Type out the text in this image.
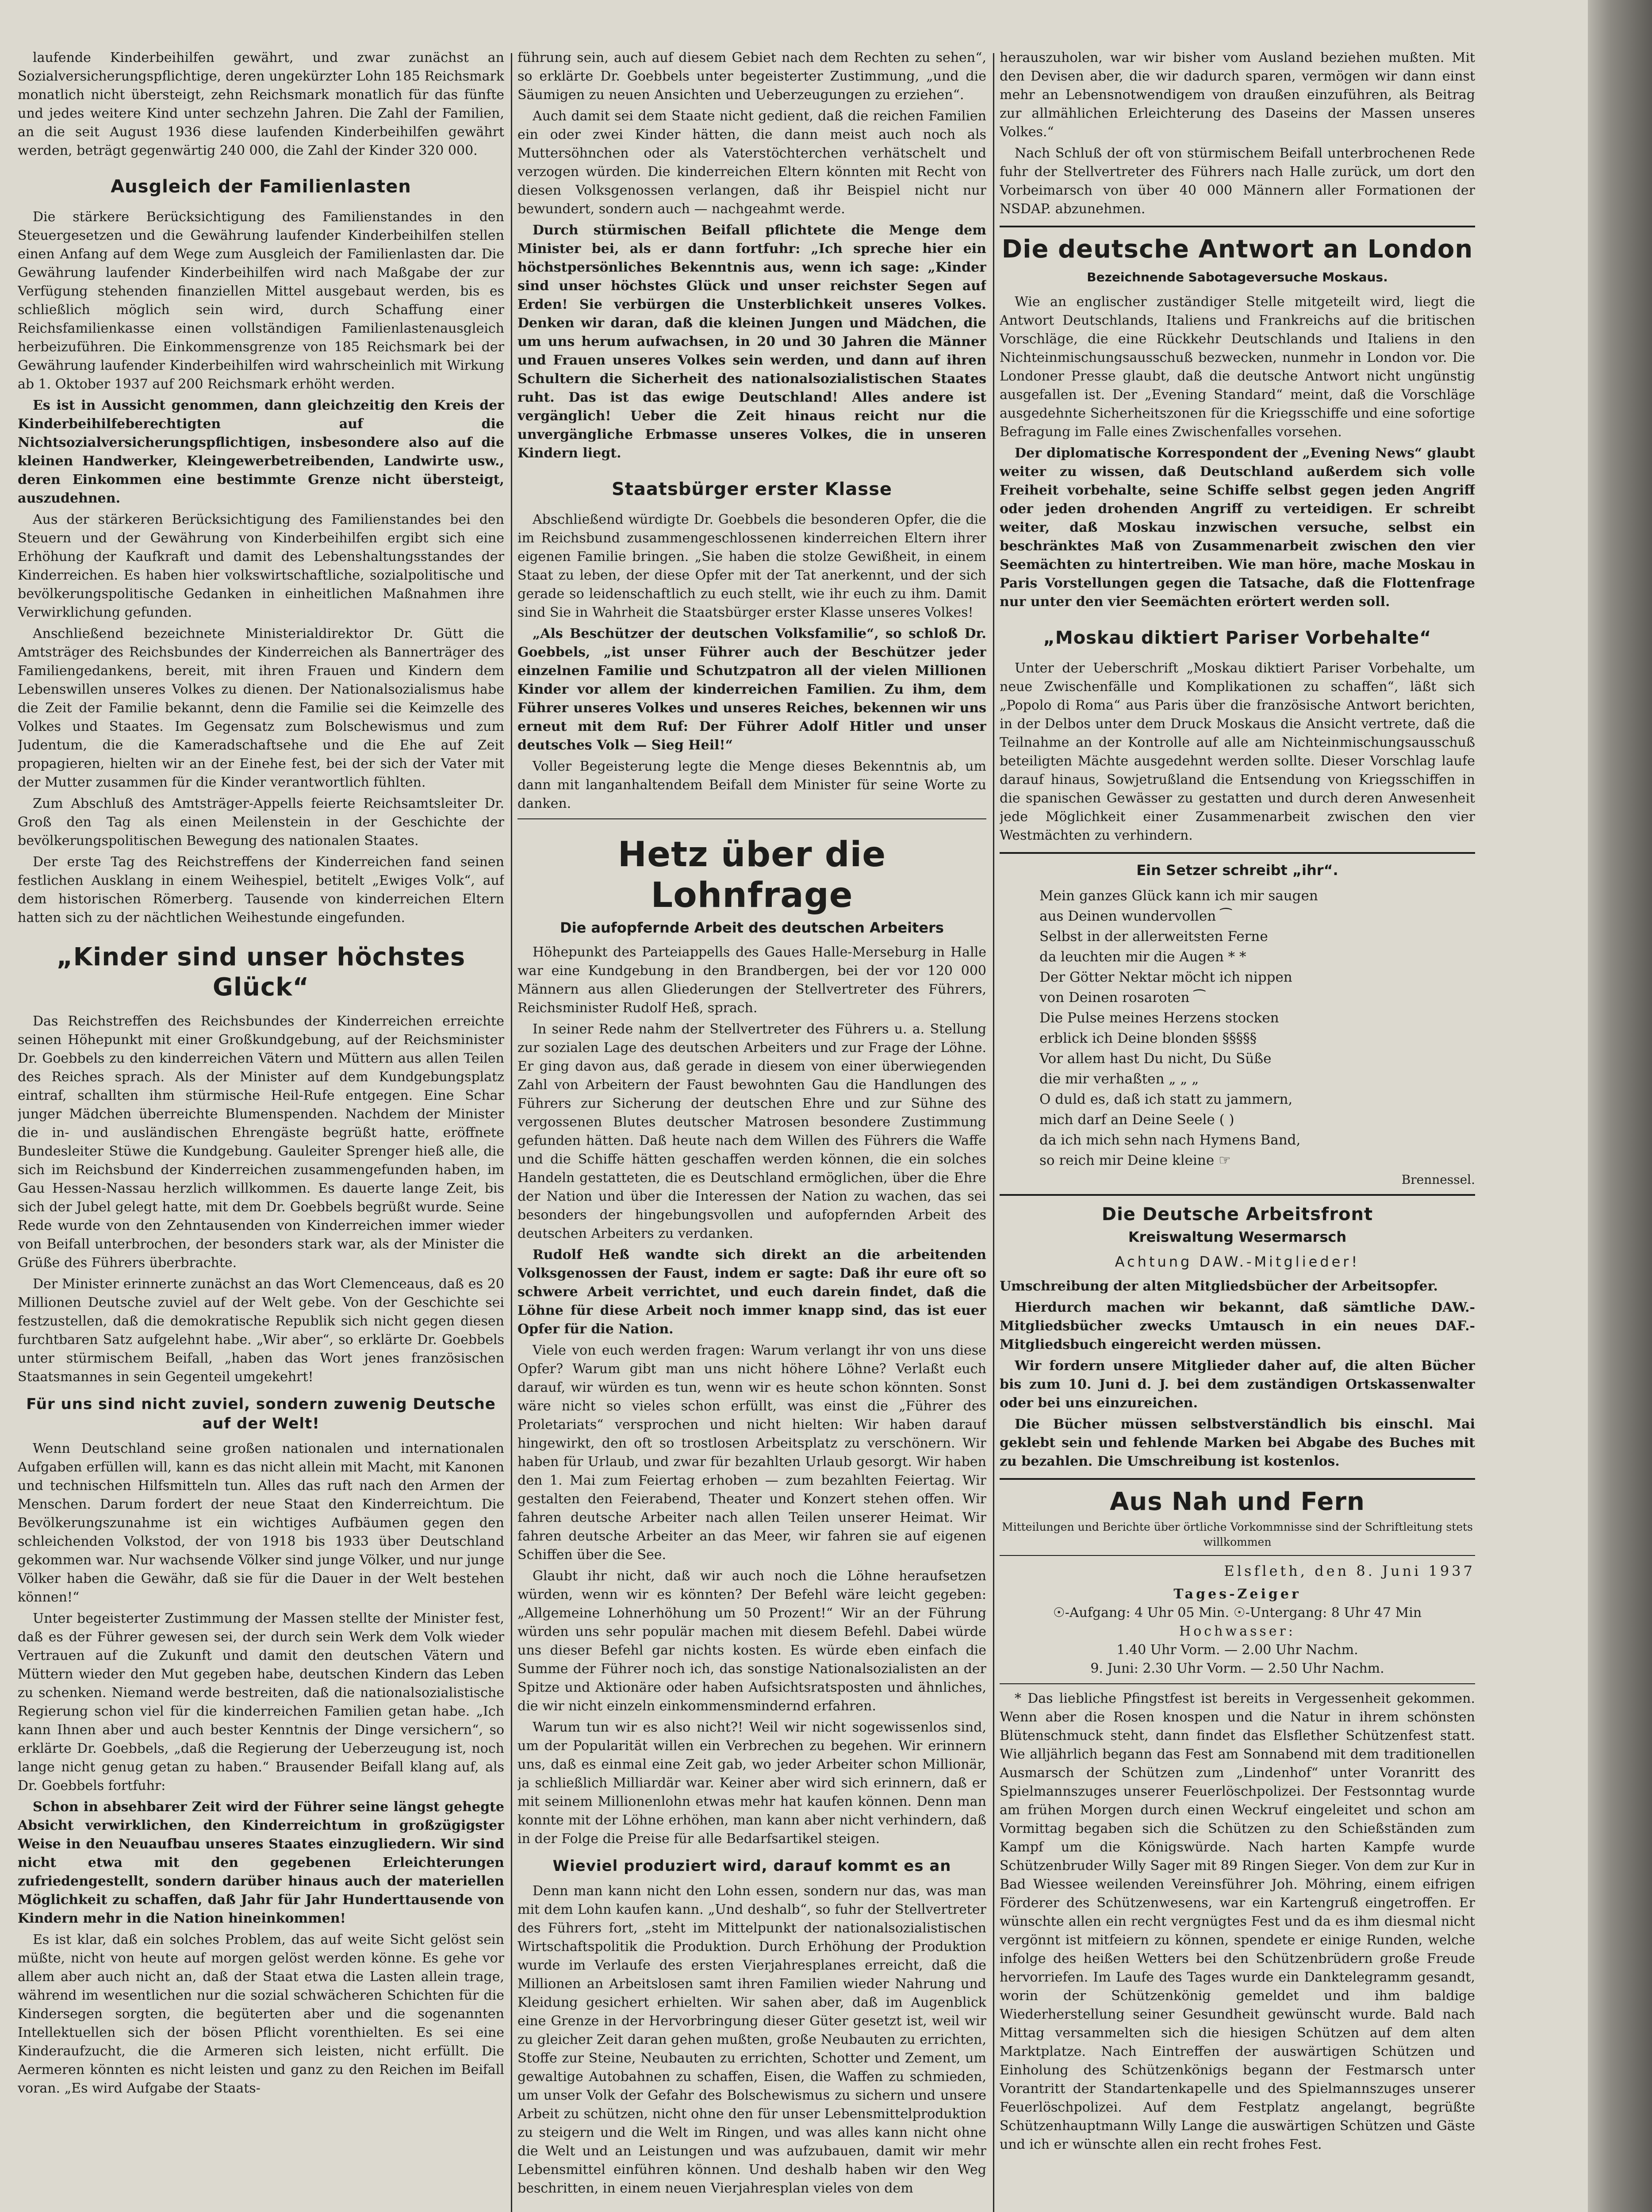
laufende Kinderbeihilfen gewährt, und zwar zunächst an Sozialversicherungspflichtige, deren ungekürzter Lohn 185 Reichsmark monatlich nicht übersteigt, zehn Reichsmark monatlich für das fünfte und jedes weitere Kind unter sechzehn Jahren. Die Zahl der Familien, an die seit August 1936 diese laufenden Kinderbeihilfen gewährt werden, beträgt gegenwärtig 240 000, die Zahl der Kinder 320 000.

Ausgleich der Familienlasten

Die stärkere Berücksichtigung des Familienstandes in den Steuergesetzen und die Gewährung laufender Kinderbeihilfen stellen einen Anfang auf dem Wege zum Ausgleich der Familienlasten dar. Die Gewährung laufender Kinderbeihilfen wird nach Maßgabe der zur Verfügung stehenden finanziellen Mittel ausgebaut werden, bis es schließlich möglich sein wird, durch Schaffung einer Reichsfamilienkasse einen vollständigen Familienlastenausgleich herbeizuführen. Die Einkommensgrenze von 185 Reichsmark bei der Gewährung laufender Kinderbeihilfen wird wahrscheinlich mit Wirkung ab 1. Oktober 1937 auf 200 Reichsmark erhöht werden.

Es ist in Aussicht genommen, dann gleichzeitig den Kreis der Kinderbeihilfeberechtigten auf die Nichtsozialversicherungspflichtigen, insbesondere also auf die kleinen Handwerker, Kleingewerbetreibenden, Landwirte usw., deren Einkommen eine bestimmte Grenze nicht übersteigt, auszudehnen.

Aus der stärkeren Berücksichtigung des Familienstandes bei den Steuern und der Gewährung von Kinderbeihilfen ergibt sich eine Erhöhung der Kaufkraft und damit des Lebenshaltungsstandes der Kinderreichen. Es haben hier volkswirtschaftliche, sozialpolitische und bevölkerungspolitische Gedanken in einheitlichen Maßnahmen ihre Verwirklichung gefunden.

Anschließend bezeichnete Ministerialdirektor Dr. Gütt die Amtsträger des Reichsbundes der Kinderreichen als Bannerträger des Familiengedankens, bereit, mit ihren Frauen und Kindern dem Lebenswillen unseres Volkes zu dienen. Der Nationalsozialismus habe die Zeit der Familie bekannt, denn die Familie sei die Keimzelle des Volkes und Staates. Im Gegensatz zum Bolschewismus und zum Judentum, die die Kameradschaftsehe und die Ehe auf Zeit propagieren, hielten wir an der Einehe fest, bei der sich der Vater mit der Mutter zusammen für die Kinder verantwortlich fühlten.

Zum Abschluß des Amtsträger-Appells feierte Reichsamtsleiter Dr. Groß den Tag als einen Meilenstein in der Geschichte der bevölkerungspolitischen Bewegung des nationalen Staates.

Der erste Tag des Reichstreffens der Kinderreichen fand seinen festlichen Ausklang in einem Weihespiel, betitelt „Ewiges Volk“, auf dem historischen Römerberg. Tausende von kinderreichen Eltern hatten sich zu der nächtlichen Weihestunde eingefunden.

„Kinder sind unser höchstes Glück“

Das Reichstreffen des Reichsbundes der Kinderreichen erreichte seinen Höhepunkt mit einer Großkundgebung, auf der Reichsminister Dr. Goebbels zu den kinderreichen Vätern und Müttern aus allen Teilen des Reiches sprach. Als der Minister auf dem Kundgebungsplatz eintraf, schallten ihm stürmische Heil-Rufe entgegen. Eine Schar junger Mädchen überreichte Blumenspenden. Nachdem der Minister die in- und ausländischen Ehrengäste begrüßt hatte, eröffnete Bundesleiter Stüwe die Kundgebung. Gauleiter Sprenger hieß alle, die sich im Reichsbund der Kinderreichen zusammengefunden haben, im Gau Hessen-Nassau herzlich willkommen. Es dauerte lange Zeit, bis sich der Jubel gelegt hatte, mit dem Dr. Goebbels begrüßt wurde. Seine Rede wurde von den Zehntausenden von Kinderreichen immer wieder von Beifall unterbrochen, der besonders stark war, als der Minister die Grüße des Führers überbrachte.

Der Minister erinnerte zunächst an das Wort Clemenceaus, daß es 20 Millionen Deutsche zuviel auf der Welt gebe. Von der Geschichte sei festzustellen, daß die demokratische Republik sich nicht gegen diesen furchtbaren Satz aufgelehnt habe. „Wir aber“, so erklärte Dr. Goebbels unter stürmischem Beifall, „haben das Wort jenes französischen Staatsmannes in sein Gegenteil umgekehrt!

Für uns sind nicht zuviel, sondern zuwenig Deutsche auf der Welt!

Wenn Deutschland seine großen nationalen und internationalen Aufgaben erfüllen will, kann es das nicht allein mit Macht, mit Kanonen und technischen Hilfsmitteln tun. Alles das ruft nach den Armen der Menschen. Darum fordert der neue Staat den Kinderreichtum. Die Bevölkerungszunahme ist ein wichtiges Aufbäumen gegen den schleichenden Volkstod, der von 1918 bis 1933 über Deutschland gekommen war. Nur wachsende Völker sind junge Völker, und nur junge Völker haben die Gewähr, daß sie für die Dauer in der Welt bestehen können!“

Unter begeisterter Zustimmung der Massen stellte der Minister fest, daß es der Führer gewesen sei, der durch sein Werk dem Volk wieder Vertrauen auf die Zukunft und damit den deutschen Vätern und Müttern wieder den Mut gegeben habe, deutschen Kindern das Leben zu schenken. Niemand werde bestreiten, daß die nationalsozialistische Regierung schon viel für die kinderreichen Familien getan habe. „Ich kann Ihnen aber und auch bester Kenntnis der Dinge versichern“, so erklärte Dr. Goebbels, „daß die Regierung der Ueberzeugung ist, noch lange nicht genug getan zu haben.“ Brausender Beifall klang auf, als Dr. Goebbels fortfuhr:

Schon in absehbarer Zeit wird der Führer seine längst gehegte Absicht verwirklichen, den Kinderreichtum in großzügigster Weise in den Neuaufbau unseres Staates einzugliedern. Wir sind nicht etwa mit den gegebenen Erleichterungen zufriedengestellt, sondern darüber hinaus auch der materiellen Möglichkeit zu schaffen, daß Jahr für Jahr Hunderttausende von Kindern mehr in die Nation hineinkommen!

Es ist klar, daß ein solches Problem, das auf weite Sicht gelöst sein müßte, nicht von heute auf morgen gelöst werden könne. Es gehe vor allem aber auch nicht an, daß der Staat etwa die Lasten allein trage, während im wesentlichen nur die sozial schwächeren Schichten für die Kindersegen sorgten, die begüterten aber und die sogenannten Intellektuellen sich der bösen Pflicht vorenthielten. Es sei eine Kinderaufzucht, die die Armeren sich leisten, nicht erfüllt. Die Aermeren könnten es nicht leisten und ganz zu den Reichen im Beifall voran. „Es wird Aufgabe der Staats-

führung sein, auch auf diesem Gebiet nach dem Rechten zu sehen“, so erklärte Dr. Goebbels unter begeisterter Zustimmung, „und die Säumigen zu neuen Ansichten und Ueberzeugungen zu erziehen“.

Auch damit sei dem Staate nicht gedient, daß die reichen Familien ein oder zwei Kinder hätten, die dann meist auch noch als Muttersöhnchen oder als Vaterstöchterchen verhätschelt und verzogen würden. Die kinderreichen Eltern könnten mit Recht von diesen Volksgenossen verlangen, daß ihr Beispiel nicht nur bewundert, sondern auch — nachgeahmt werde.

Durch stürmischen Beifall pflichtete die Menge dem Minister bei, als er dann fortfuhr: „Ich spreche hier ein höchstpersönliches Bekenntnis aus, wenn ich sage: „Kinder sind unser höchstes Glück und unser reichster Segen auf Erden! Sie verbürgen die Unsterblichkeit unseres Volkes. Denken wir daran, daß die kleinen Jungen und Mädchen, die um uns herum aufwachsen, in 20 und 30 Jahren die Männer und Frauen unseres Volkes sein werden, und dann auf ihren Schultern die Sicherheit des nationalsozialistischen Staates ruht. Das ist das ewige Deutschland! Alles andere ist vergänglich! Ueber die Zeit hinaus reicht nur die unvergängliche Erbmasse unseres Volkes, die in unseren Kindern liegt.

Staatsbürger erster Klasse

Abschließend würdigte Dr. Goebbels die besonderen Opfer, die die im Reichsbund zusammengeschlossenen kinderreichen Eltern ihrer eigenen Familie bringen. „Sie haben die stolze Gewißheit, in einem Staat zu leben, der diese Opfer mit der Tat anerkennt, und der sich gerade so leidenschaftlich zu euch stellt, wie ihr euch zu ihm. Damit sind Sie in Wahrheit die Staatsbürger erster Klasse unseres Volkes!

„Als Beschützer der deutschen Volksfamilie“, so schloß Dr. Goebbels, „ist unser Führer auch der Beschützer jeder einzelnen Familie und Schutzpatron all der vielen Millionen Kinder vor allem der kinderreichen Familien. Zu ihm, dem Führer unseres Volkes und unseres Reiches, bekennen wir uns erneut mit dem Ruf: Der Führer Adolf Hitler und unser deutsches Volk — Sieg Heil!“

Voller Begeisterung legte die Menge dieses Bekenntnis ab, um dann mit langanhaltendem Beifall dem Minister für seine Worte zu danken.

Hetz über die Lohnfrage
Die aufopfernde Arbeit des deutschen Arbeiters

Höhepunkt des Parteiappells des Gaues Halle-Merseburg in Halle war eine Kundgebung in den Brandbergen, bei der vor 120 000 Männern aus allen Gliederungen der Stellvertreter des Führers, Reichsminister Rudolf Heß, sprach.

In seiner Rede nahm der Stellvertreter des Führers u. a. Stellung zur sozialen Lage des deutschen Arbeiters und zur Frage der Löhne. Er ging davon aus, daß gerade in diesem von einer überwiegenden Zahl von Arbeitern der Faust bewohnten Gau die Handlungen des Führers zur Sicherung der deutschen Ehre und zur Sühne des vergossenen Blutes deutscher Matrosen besondere Zustimmung gefunden hätten. Daß heute nach dem Willen des Führers die Waffe und die Schiffe hätten geschaffen werden können, die ein solches Handeln gestatteten, die es Deutschland ermöglichen, über die Ehre der Nation und über die Interessen der Nation zu wachen, das sei besonders der hingebungsvollen und aufopfernden Arbeit des deutschen Arbeiters zu verdanken.

Rudolf Heß wandte sich direkt an die arbeitenden Volksgenossen der Faust, indem er sagte: Daß ihr eure oft so schwere Arbeit verrichtet, und euch darein findet, daß die Löhne für diese Arbeit noch immer knapp sind, das ist euer Opfer für die Nation.

Viele von euch werden fragen: Warum verlangt ihr von uns diese Opfer? Warum gibt man uns nicht höhere Löhne? Verlaßt euch darauf, wir würden es tun, wenn wir es heute schon könnten. Sonst wäre nicht so vieles schon erfüllt, was einst die „Führer des Proletariats“ versprochen und nicht hielten: Wir haben darauf hingewirkt, den oft so trostlosen Arbeitsplatz zu verschönern. Wir haben für Urlaub, und zwar für bezahlten Urlaub gesorgt. Wir haben den 1. Mai zum Feiertag erhoben — zum bezahlten Feiertag. Wir gestalten den Feierabend, Theater und Konzert stehen offen. Wir fahren deutsche Arbeiter nach allen Teilen unserer Heimat. Wir fahren deutsche Arbeiter an das Meer, wir fahren sie auf eigenen Schiffen über die See.

Glaubt ihr nicht, daß wir auch noch die Löhne heraufsetzen würden, wenn wir es könnten? Der Befehl wäre leicht gegeben: „Allgemeine Lohnerhöhung um 50 Prozent!“ Wir an der Führung würden uns sehr populär machen mit diesem Befehl. Dabei würde uns dieser Befehl gar nichts kosten. Es würde eben einfach die Summe der Führer noch ich, das sonstige Nationalsozialisten an der Spitze und Aktionäre oder haben Aufsichtsratsposten und ähnliches, die wir nicht einzeln einkommensmindernd erfahren.

Warum tun wir es also nicht?! Weil wir nicht sogewissenlos sind, um der Popularität willen ein Verbrechen zu begehen. Wir erinnern uns, daß es einmal eine Zeit gab, wo jeder Arbeiter schon Millionär, ja schließlich Milliardär war. Keiner aber wird sich erinnern, daß er mit seinem Millionenlohn etwas mehr hat kaufen können. Denn man konnte mit der Löhne erhöhen, man kann aber nicht verhindern, daß in der Folge die Preise für alle Bedarfsartikel steigen.

Wieviel produziert wird, darauf kommt es an

Denn man kann nicht den Lohn essen, sondern nur das, was man mit dem Lohn kaufen kann. „Und deshalb“, so fuhr der Stellvertreter des Führers fort, „steht im Mittelpunkt der nationalsozialistischen Wirtschaftspolitik die Produktion. Durch Erhöhung der Produktion wurde im Verlaufe des ersten Vierjahresplanes erreicht, daß die Millionen an Arbeitslosen samt ihren Familien wieder Nahrung und Kleidung gesichert erhielten. Wir sahen aber, daß im Augenblick eine Grenze in der Hervorbringung dieser Güter gesetzt ist, weil wir zu gleicher Zeit daran gehen mußten, große Neubauten zu errichten, Stoffe zur Steine, Neubauten zu errichten, Schotter und Zement, um gewaltige Autobahnen zu schaffen, Eisen, die Waffen zu schmieden, um unser Volk der Gefahr des Bolschewismus zu sichern und unsere Arbeit zu schützen, nicht ohne den für unser Lebensmittelproduktion zu steigern und die Welt im Ringen, und was alles kann nicht ohne die Welt und an Leistungen und was aufzubauen, damit wir mehr Lebensmittel einführen können. Und deshalb haben wir den Weg beschritten, in einem neuen Vierjahresplan vieles von dem

herauszuholen, war wir bisher vom Ausland beziehen mußten. Mit den Devisen aber, die wir dadurch sparen, vermögen wir dann einst mehr an Lebensnotwendigem von draußen einzuführen, als Beitrag zur allmählichen Erleichterung des Daseins der Massen unseres Volkes.“

Nach Schluß der oft von stürmischem Beifall unterbrochenen Rede fuhr der Stellvertreter des Führers nach Halle zurück, um dort den Vorbeimarsch von über 40 000 Männern aller Formationen der NSDAP. abzunehmen.

Die deutsche Antwort an London
Bezeichnende Sabotageversuche Moskaus.

Wie an englischer zuständiger Stelle mitgeteilt wird, liegt die Antwort Deutschlands, Italiens und Frankreichs auf die britischen Vorschläge, die eine Rückkehr Deutschlands und Italiens in den Nichteinmischungsausschuß bezwecken, nunmehr in London vor. Die Londoner Presse glaubt, daß die deutsche Antwort nicht ungünstig ausgefallen ist. Der „Evening Standard“ meint, daß die Vorschläge ausgedehnte Sicherheitszonen für die Kriegsschiffe und eine sofortige Befragung im Falle eines Zwischenfalles vorsehen.

Der diplomatische Korrespondent der „Evening News“ glaubt weiter zu wissen, daß Deutschland außerdem sich volle Freiheit vorbehalte, seine Schiffe selbst gegen jeden Angriff oder jeden drohenden Angriff zu verteidigen. Er schreibt weiter, daß Moskau inzwischen versuche, selbst ein beschränktes Maß von Zusammenarbeit zwischen den vier Seemächten zu hintertreiben. Wie man höre, mache Moskau in Paris Vorstellungen gegen die Tatsache, daß die Flottenfrage nur unter den vier Seemächten erörtert werden soll.

„Moskau diktiert Pariser Vorbehalte“

Unter der Ueberschrift „Moskau diktiert Pariser Vorbehalte, um neue Zwischenfälle und Komplikationen zu schaffen“, läßt sich „Popolo di Roma“ aus Paris über die französische Antwort berichten, in der Delbos unter dem Druck Moskaus die Ansicht vertrete, daß die Teilnahme an der Kontrolle auf alle am Nichteinmischungsausschuß beteiligten Mächte ausgedehnt werden sollte. Dieser Vorschlag laufe darauf hinaus, Sowjetrußland die Entsendung von Kriegsschiffen in die spanischen Gewässer zu gestatten und durch deren Anwesenheit jede Möglichkeit einer Zusammenarbeit zwischen den vier Westmächten zu verhindern.

Ein Setzer schreibt „ihr“.

Mein ganzes Glück kann ich mir saugen

aus Deinen wundervollen ⁀

Selbst in der allerweitsten Ferne

da leuchten mir die Augen * *

Der Götter Nektar möcht ich nippen

von Deinen rosaroten ⁀

Die Pulse meines Herzens stocken

erblick ich Deine blonden §§§§§

Vor allem hast Du nicht, Du Süße

die mir verhaßten „ „ „

O duld es, daß ich statt zu jammern,

mich darf an Deine Seele ( )

da ich mich sehn nach Hymens Band,

so reich mir Deine kleine ☞

Brennessel.
Die Deutsche Arbeitsfront
Kreiswaltung Wesermarsch
Achtung DAW.-Mitglieder!

Umschreibung der alten Mitgliedsbücher der Arbeitsopfer.

Hierdurch machen wir bekannt, daß sämtliche DAW.-Mitgliedsbücher zwecks Umtausch in ein neues DAF.-Mitgliedsbuch eingereicht werden müssen.

Wir fordern unsere Mitglieder daher auf, die alten Bücher bis zum 10. Juni d. J. bei dem zuständigen Ortskassenwalter oder bei uns einzureichen.

Die Bücher müssen selbstverständlich bis einschl. Mai geklebt sein und fehlende Marken bei Abgabe des Buches mit zu bezahlen. Die Umschreibung ist kostenlos.

Aus Nah und Fern

Mitteilungen und Berichte über örtliche Vorkommnisse sind der Schriftleitung stets willkommen

Elsfleth, den 8. Juni 1937

Tages-Zeiger

☉-Aufgang: 4 Uhr 05 Min. ☉-Untergang: 8 Uhr 47 Min

Hochwasser:

1.40 Uhr Vorm. — 2.00 Uhr Nachm.

9. Juni: 2.30 Uhr Vorm. — 2.50 Uhr Nachm.

* Das liebliche Pfingstfest ist bereits in Vergessenheit gekommen. Wenn aber die Rosen knospen und die Natur in ihrem schönsten Blütenschmuck steht, dann findet das Elsflether Schützenfest statt. Wie alljährlich begann das Fest am Sonnabend mit dem traditionellen Ausmarsch der Schützen zum „Lindenhof“ unter Voranritt des Spielmannszuges unserer Feuerlöschpolizei. Der Festsonntag wurde am frühen Morgen durch einen Weckruf eingeleitet und schon am Vormittag begaben sich die Schützen zu den Schießständen zum Kampf um die Königswürde. Nach harten Kampfe wurde Schützenbruder Willy Sager mit 89 Ringen Sieger. Von dem zur Kur in Bad Wiessee weilenden Vereinsführer Joh. Möhring, einem eifrigen Förderer des Schützenwesens, war ein Kartengruß eingetroffen. Er wünschte allen ein recht vergnügtes Fest und da es ihm diesmal nicht vergönnt ist mitfeiern zu können, spendete er einige Runden, welche infolge des heißen Wetters bei den Schützenbrüdern große Freude hervorriefen. Im Laufe des Tages wurde ein Danktelegramm gesandt, worin der Schützenkönig gemeldet und ihm baldige Wiederherstellung seiner Gesundheit gewünscht wurde. Bald nach Mittag versammelten sich die hiesigen Schützen auf dem alten Marktplatze. Nach Eintreffen der auswärtigen Schützen und Einholung des Schützenkönigs begann der Festmarsch unter Vorantritt der Standartenkapelle und des Spielmannszuges unserer Feuerlöschpolizei. Auf dem Festplatz angelangt, begrüßte Schützenhauptmann Willy Lange die auswärtigen Schützen und Gäste und ich er wünschte allen ein recht frohes Fest.
